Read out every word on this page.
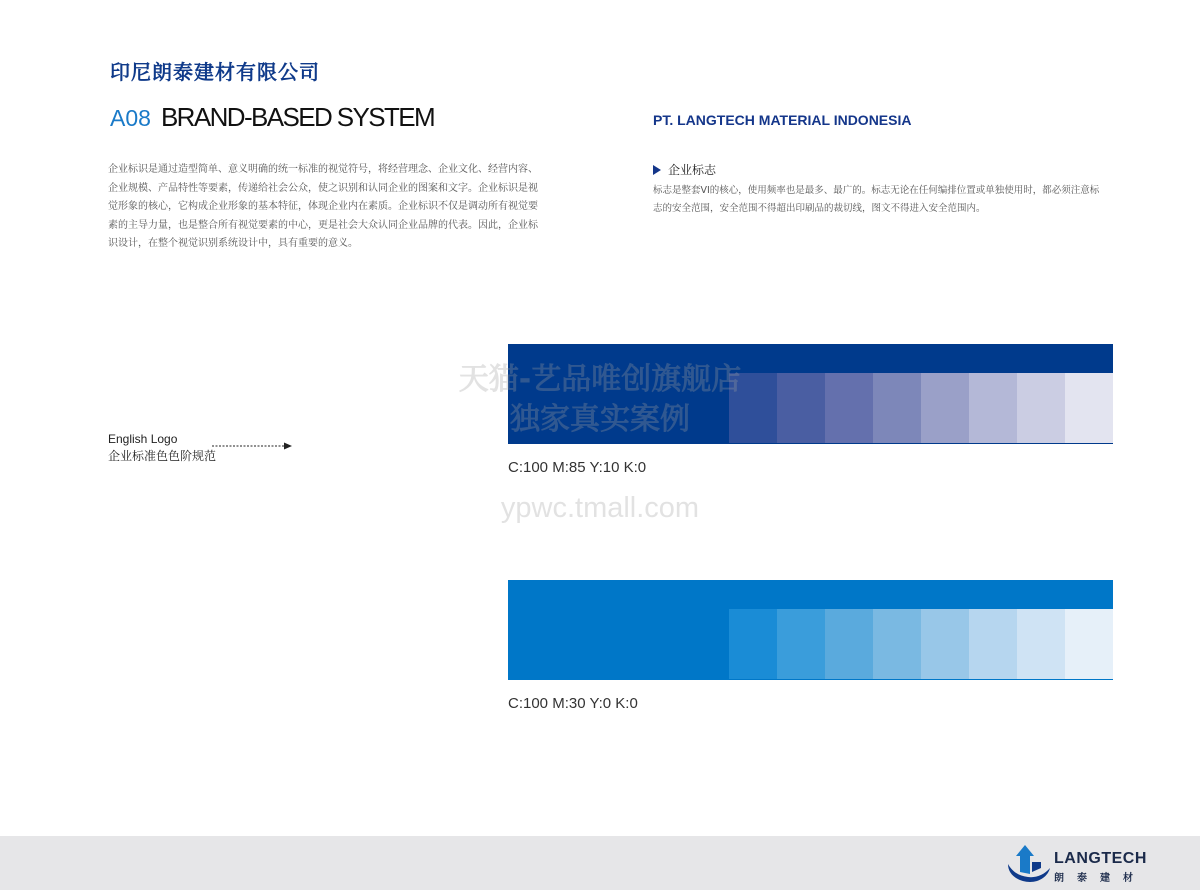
印尼朗泰建材有限公司
A08 BRAND-BASED SYSTEM
企业标识是通过造型简单、意义明确的统一标准的视觉符号，将经营理念、企业文化、经营内容、企业规模、产品特性等要素，传递给社会公众，使之识别和认同企业的图案和文字。企业标识是视觉形象的核心，它构成企业形象的基本特征，体现企业内在素质。企业标识不仅是调动所有视觉要素的主导力量，也是整合所有视觉要素的中心，更是社会大众认同企业品牌的代表。因此，企业标识设计，在整个视觉识别系统设计中，具有重要的意义。
PT. LANGTECH MATERIAL INDONESIA
企业标志
标志是整套VI的核心，使用频率也是最多、最广的。标志无论在任何编排位置或单独使用时，都必须注意标志的安全范围，安全范围不得超出印刷品的裁切线，图文不得进入安全范围内。
English Logo
企业标准色色阶规范
C:100 M:85 Y:10 K:0
C:100 M:30 Y:0 K:0
天猫-艺品唯创旗舰店
独家真实案例
ypwc.tmall.com
LANGTECH
朗泰建材
